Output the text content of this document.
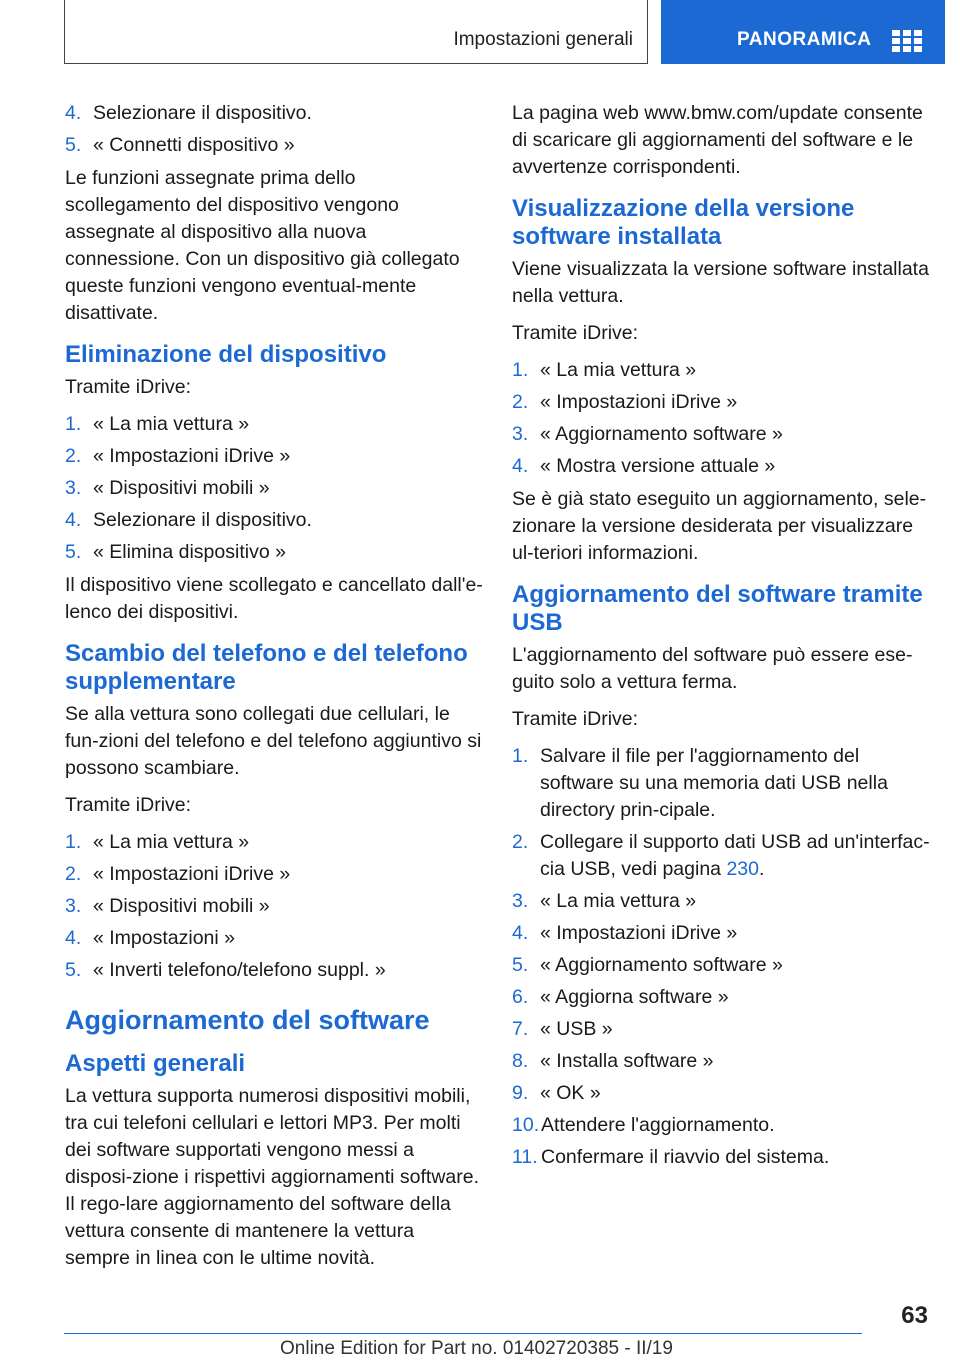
Impostazioni generali	PANORAMICA
4. Selezionare il dispositivo.
5. « Connetti dispositivo »

Le funzioni assegnate prima dello scollegamento del dispositivo vengono assegnate al dispositivo alla nuova connessione. Con un dispositivo già collegato queste funzioni vengono eventual-mente disattivate.

Eliminazione del dispositivo

Tramite iDrive:

1. « La mia vettura »
2. « Impostazioni iDrive »
3. « Dispositivi mobili »
4. Selezionare il dispositivo.
5. « Elimina dispositivo »

Il dispositivo viene scollegato e cancellato dall'e-lenco dei dispositivi.

Scambio del telefono e del telefono supplementare

Se alla vettura sono collegati due cellulari, le fun-zioni del telefono e del telefono aggiuntivo si possono scambiare.

Tramite iDrive:

1. « La mia vettura »
2. « Impostazioni iDrive »
3. « Dispositivi mobili »
4. « Impostazioni »
5. « Inverti telefono/telefono suppl. »
Aggiornamento del software
Aspetti generali

La vettura supporta numerosi dispositivi mobili, tra cui telefoni cellulari e lettori MP3. Per molti dei software supportati vengono messi a disposi-zione i rispettivi aggiornamenti software. Il rego-lare aggiornamento del software della vettura consente di mantenere la vettura sempre in linea con le ultime novità.

La pagina web www.bmw.com/update consente di scaricare gli aggiornamenti del software e le avvertenze corrispondenti.

Visualizzazione della versione software installata

Viene visualizzata la versione software installata nella vettura.

Tramite iDrive:

1. « La mia vettura »
2. « Impostazioni iDrive »
3. « Aggiornamento software »
4. « Mostra versione attuale »

Se è già stato eseguito un aggiornamento, sele-zionare la versione desiderata per visualizzare ul-teriori informazioni.

Aggiornamento del software tramite USB

L'aggiornamento del software può essere ese-guito solo a vettura ferma.

Tramite iDrive:

1. Salvare il file per l'aggiornamento del software su una memoria dati USB nella directory prin-cipale.
2. Collegare il supporto dati USB ad un'interfac-cia USB, vedi pagina 230.
3. « La mia vettura »
4. « Impostazioni iDrive »
5. « Aggiornamento software »
6. « Aggiorna software »
7. « USB »
8. « Installa software »
9. « OK »
10. Attendere l'aggiornamento.
11. Confermare il riavvio del sistema.
63
Online Edition for Part no. 01402720385 - II/19
